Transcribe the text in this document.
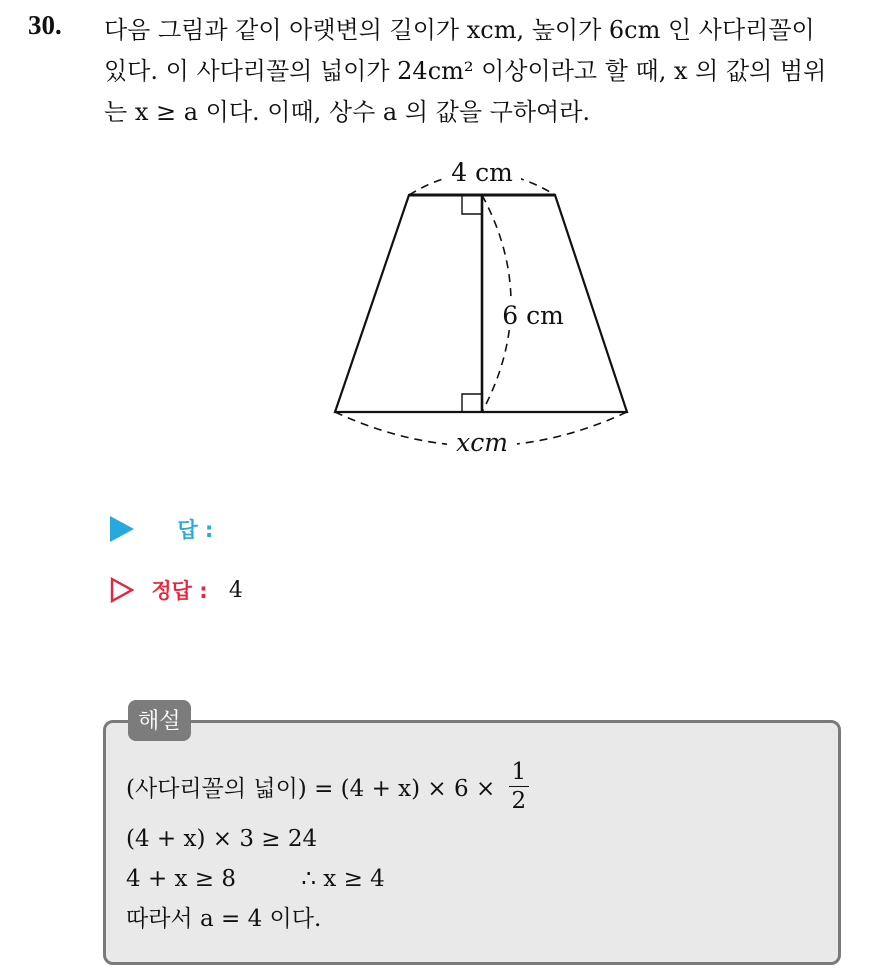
30. 다음 그림과 같이 아랫변의 길이가 xcm, 높이가 6cm 인 사다리꼴이
있다. 이 사다리꼴의 넓이가 24cm² 이상이라고 할 때, x 의 값의 범위
는 x ≥ a 이다. 이때, 상수 a 의 값을 구하여라.
4 cm
6 cm
xcm
답 :
정답 : 4
해설
(사다리꼴의 넓이) = $(4 + x) \times 6 \times \frac{1}{2}$
(4 + x) × 3 ≥ 24
4 + x ≥ 8	∴ x ≥ 4
따라서 a = 4 이다.
